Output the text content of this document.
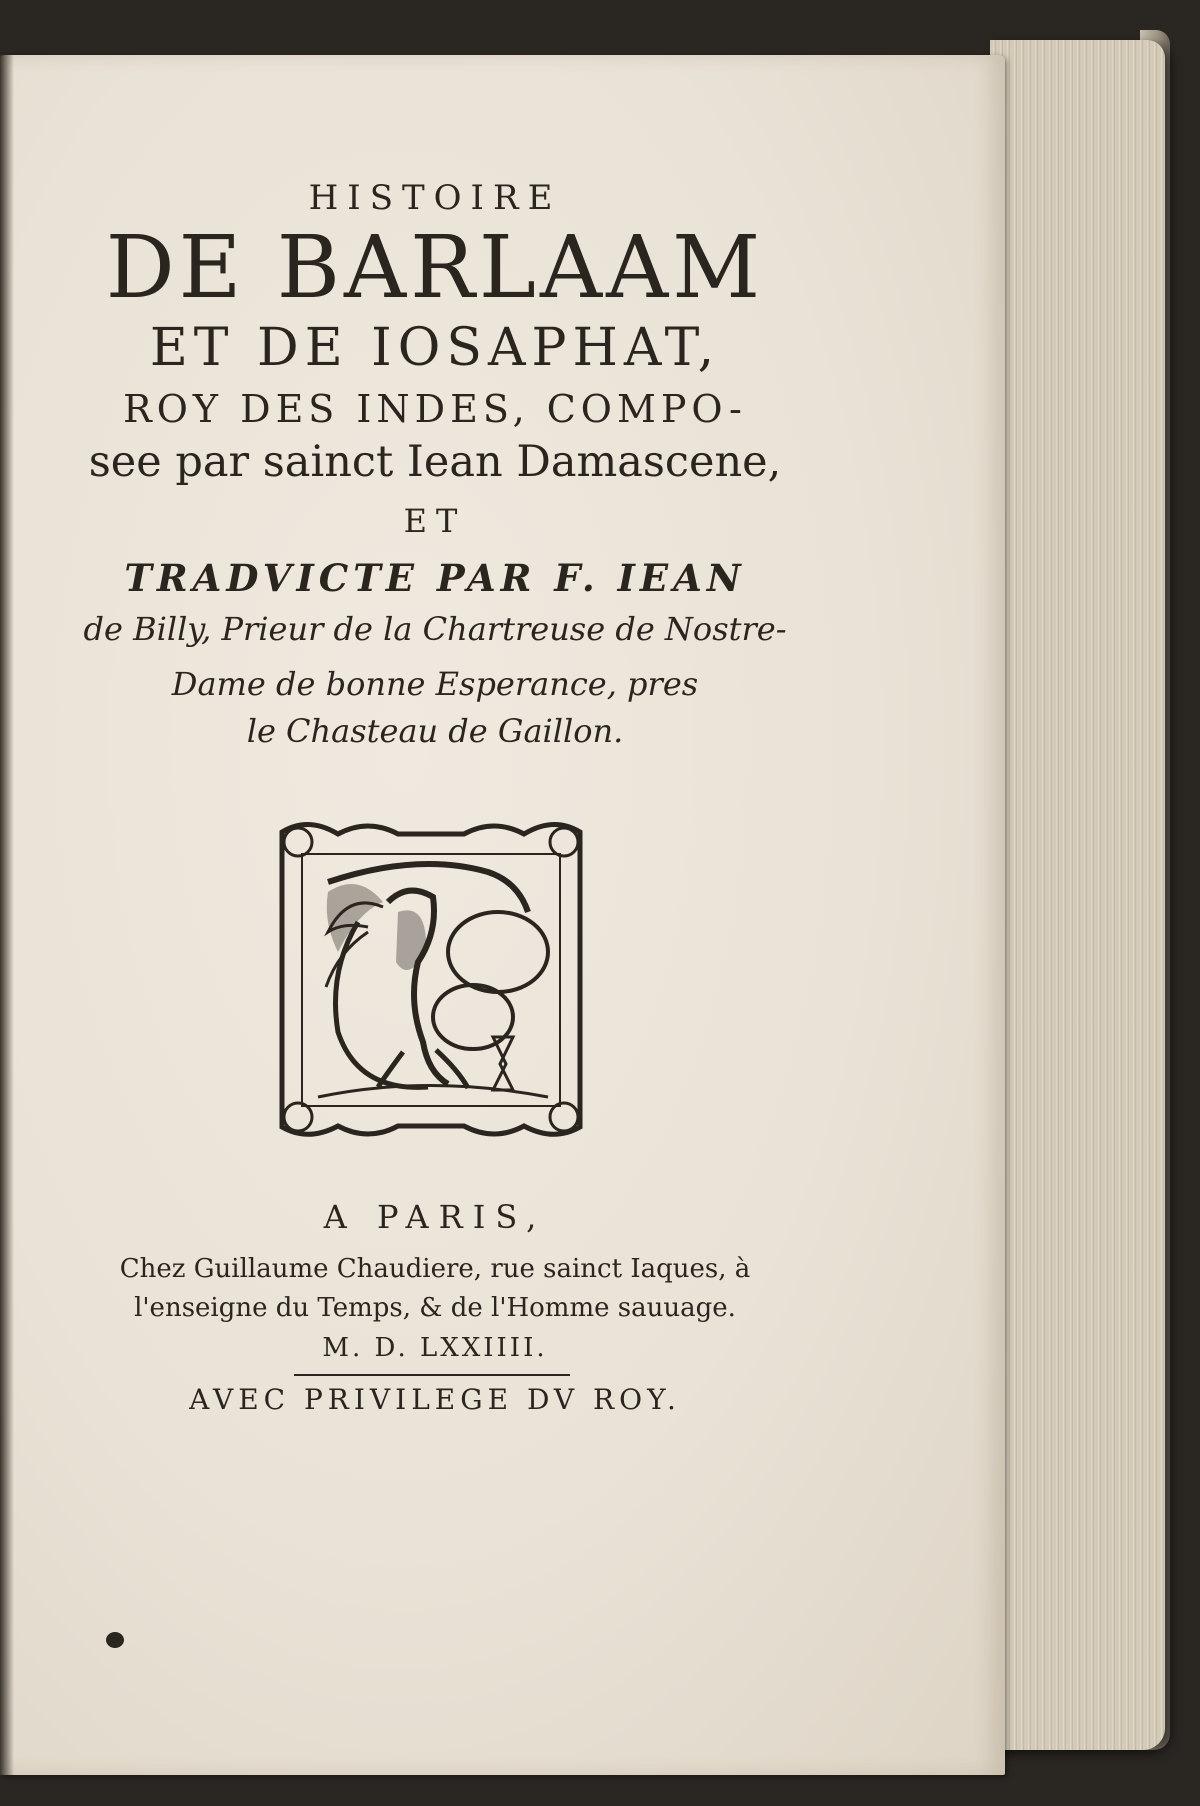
HISTOIRE
DE BARLAAM
ET DE IOSAPHAT,
ROY DES INDES, COMPO-
see par sainct Iean Damascene,
ET
TRADVICTE PAR F. IEAN
de Billy, Prieur de la Chartreuse de Nostre-
Dame de bonne Esperance, pres
le Chasteau de Gaillon.
A PARIS,
Chez Guillaume Chaudiere, rue sainct Iaques, à
l'enseigne du Temps, & de l'Homme sauuage.
M. D. LXXIIII.
AVEC PRIVILEGE DV ROY.
